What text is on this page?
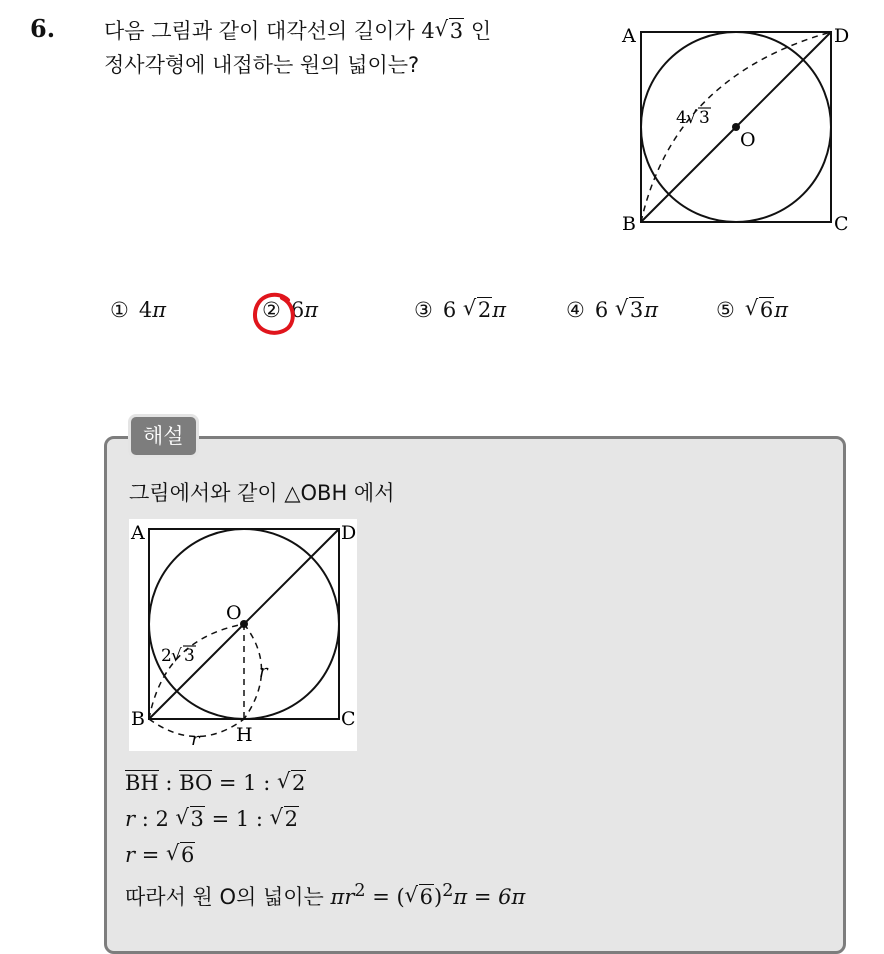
6. 다음 그림과 같이 대각선의 길이가 4 √ 3 인
정사각형에 내접하는 원의 넓이는?
A	D
B	C
O
4 √ 3
① 4π	② 6π	③ 6 √ 2π	④ 6 √ 3π	⑤ √ 6π
해설
그림에서와 같이 △OBH 에서
A	D
B	C
O
H
2 √ 3
r
r
BH : BO = 1 : √ 2
r : 2 √ 3 = 1 : √ 2
r = √ 6
따라서 원 O의 넓이는 $\pi r^2$ = ( √ 6)$^2$π = 6π
